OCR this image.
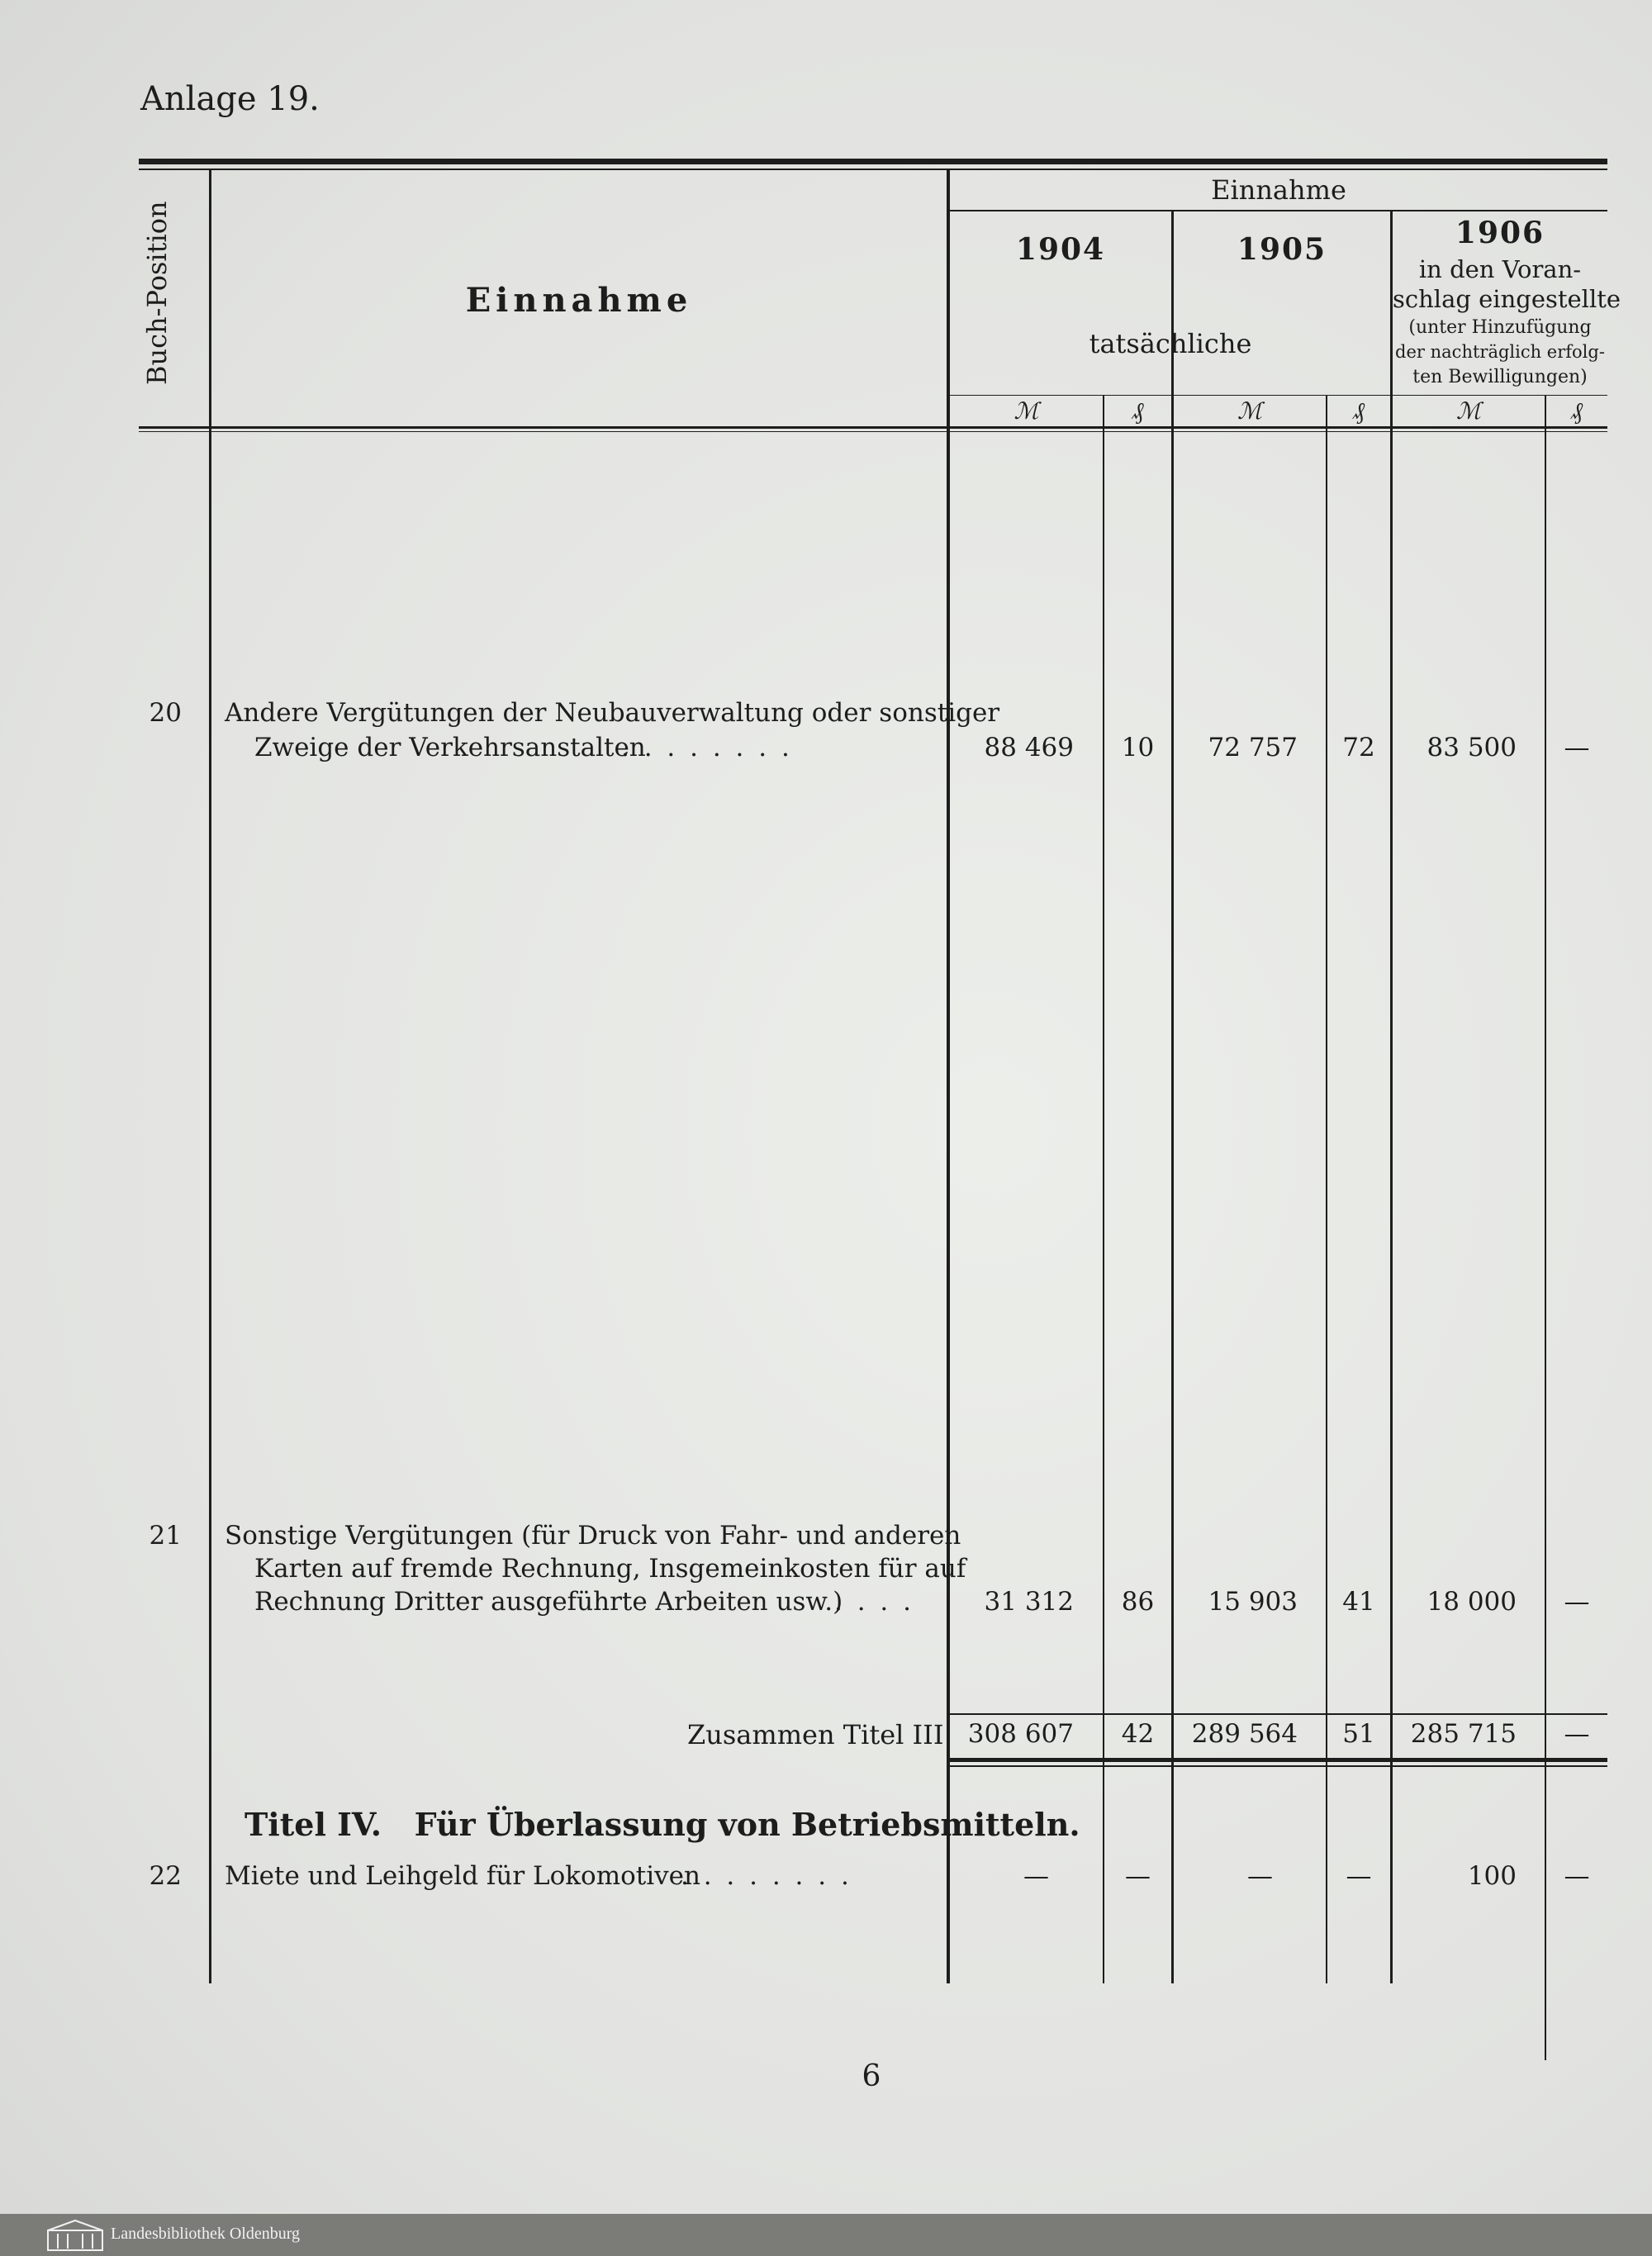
Anlage 19.
Buch-Position	Einnahme
Einnahme
1904	1905	1906
tatsächliche
in den Voran-
schlag eingestellte
(unter Hinzufügung
der nachträglich erfolg-
ten Bewilligungen)
ℳ	₰	ℳ	₰	ℳ	₰
20 Andere Vergütungen der Neubauverwaltung oder sonstiger
Zweige der Verkehrsanstalten
. . . . . . . .	88 469	10	72 757	72	83 500	—
21 Sonstige Vergütungen (für Druck von Fahr- und anderen
Karten auf fremde Rechnung, Insgemeinkosten für auf
Rechnung Dritter ausgeführte Arbeiten usw.)
. . . .	31 312	86	15 903	41	18 000	—
Zusammen Titel III 308 607	42	289 564	51	285 715	—
Titel IV.   Für Überlassung von Betriebsmitteln.
22 Miete und Leihgeld für Lokomotiven
. . . . . . . .	—	—	—	—	100	—
6
Landesbibliothek Oldenburg
